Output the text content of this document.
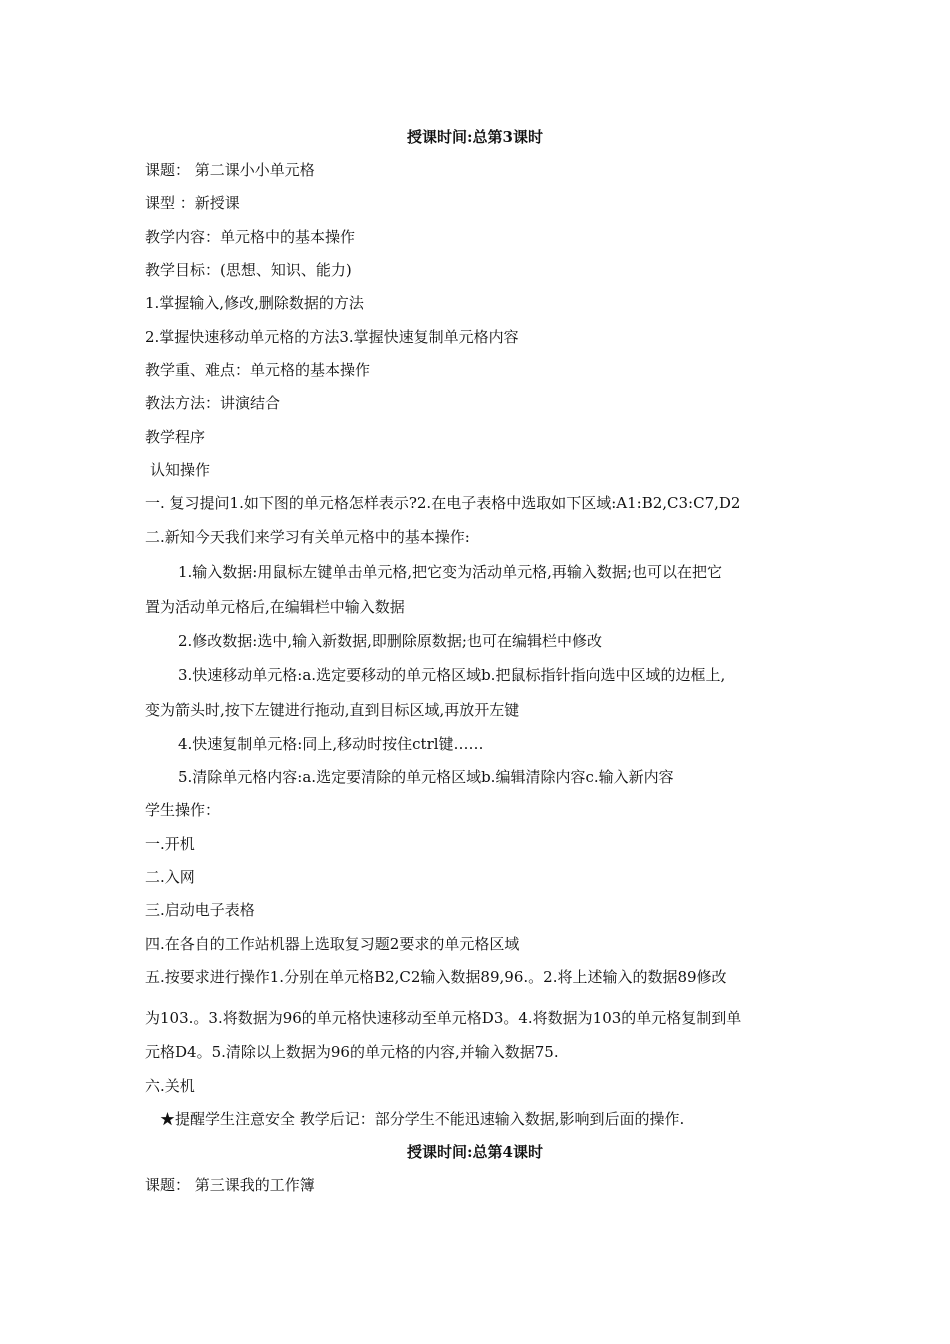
授课时间:总第3课时
课题： 第二课小小单元格
课型 ：新授课
教学内容：单元格中的基本操作
教学目标：(思想、知识、能力)
1.掌握输入,修改,删除数据的方法
2.掌握快速移动单元格的方法3.掌握快速复制单元格内容
教学重、难点：单元格的基本操作
教法方法：讲演结合
教学程序
认知操作
一. 复习提问1.如下图的单元格怎样表示?2.在电子表格中选取如下区域:A1:B2,C3:C7,D2
二.新知今天我们来学习有关单元格中的基本操作:
1.输入数据:用鼠标左键单击单元格,把它变为活动单元格,再输入数据;也可以在把它
置为活动单元格后,在编辑栏中输入数据
2.修改数据:选中,输入新数据,即删除原数据;也可在编辑栏中修改
3.快速移动单元格:a.选定要移动的单元格区域b.把鼠标指针指向选中区域的边框上,
变为箭头时,按下左键进行拖动,直到目标区域,再放开左键
4.快速复制单元格:同上,移动时按住ctrl键……
5.清除单元格内容:a.选定要清除的单元格区域b.编辑清除内容c.输入新内容
学生操作：
一.开机
二.入网
三.启动电子表格
四.在各自的工作站机器上选取复习题2要求的单元格区域
五.按要求进行操作1.分别在单元格B2,C2输入数据89,96.。2.将上述输入的数据89修改
为103.。3.将数据为96的单元格快速移动至单元格D3。4.将数据为103的单元格复制到单
元格D4。5.清除以上数据为96的单元格的内容,并输入数据75.
六.关机
★提醒学生注意安全 教学后记：部分学生不能迅速输入数据,影响到后面的操作.
授课时间:总第4课时
课题： 第三课我的工作簿
